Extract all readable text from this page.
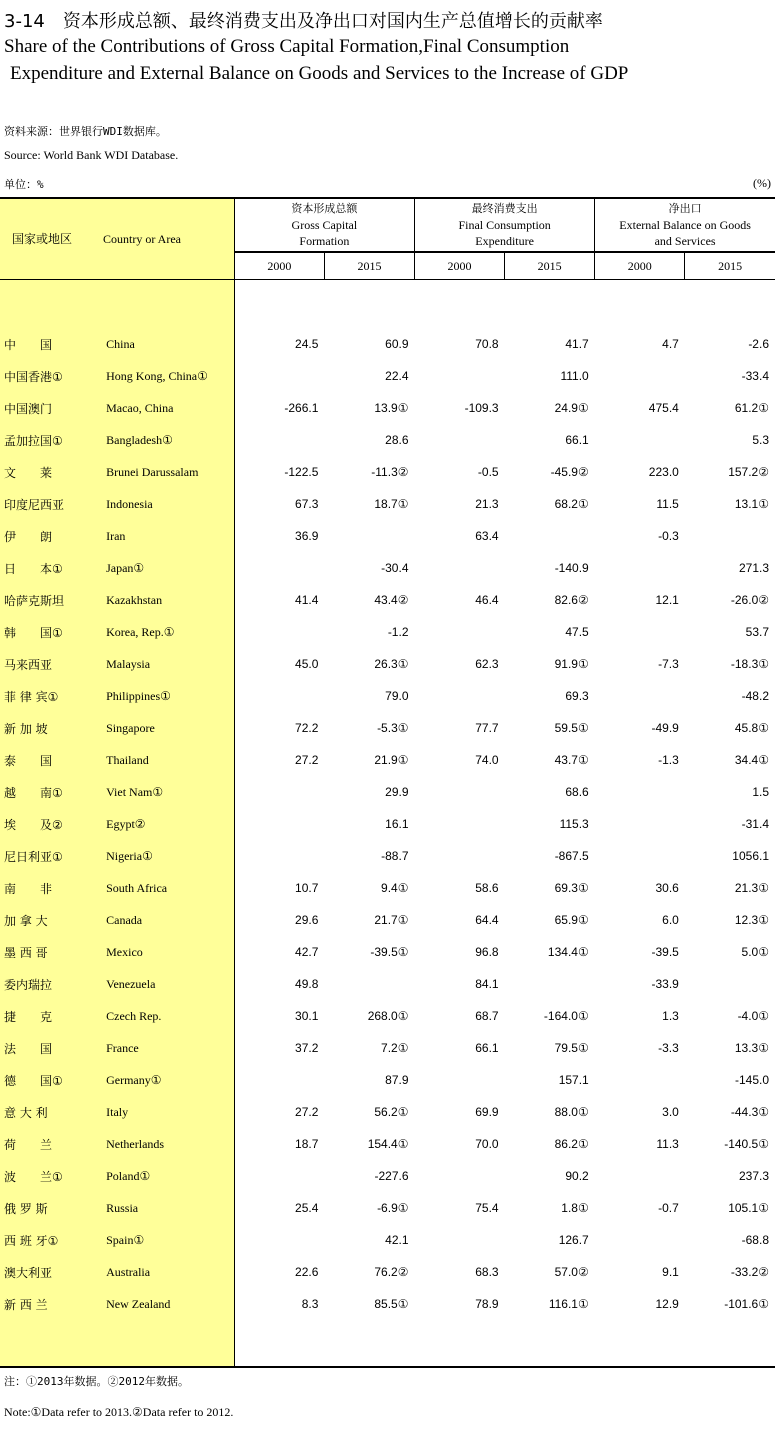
3-14　资本形成总额、最终消费支出及净出口对国内生产总值增长的贡献率
Share of the Contributions of Gross Capital Formation,Final Consumption
Expenditure and External Balance on Goods and Services to the Increase of GDP
资料来源：世界银行WDI数据库。
Source: World Bank WDI Database.
单位：%	(%)
国家或地区 Country or Area		资本形成总额
Gross Capital
Formation		最终消费支出
Final Consumption
Expenditure		净出口
External Balance on Goods
and Services	

		2000	2015	2000	2015	2000	2015

中　　国	China	24.5	60.9	70.8	41.7	4.7	-2.6
中国香港①	Hong Kong, China①		22.4		111.0		-33.4
中国澳门	Macao, China	-266.1	13.9①	-109.3	24.9①	475.4	61.2①
孟加拉国①	Bangladesh①		28.6		66.1		5.3
文　　莱	Brunei Darussalam	-122.5	-11.3②	-0.5	-45.9②	223.0	157.2②
印度尼西亚	Indonesia	67.3	18.7①	21.3	68.2①	11.5	13.1①
伊　　朗	Iran	36.9		63.4		-0.3	
日　　本①	Japan①		-30.4		-140.9		271.3
哈萨克斯坦	Kazakhstan	41.4	43.4②	46.4	82.6②	12.1	-26.0②
韩　　国①	Korea, Rep.①		-1.2		47.5		53.7
马来西亚	Malaysia	45.0	26.3①	62.3	91.9①	-7.3	-18.3①
菲 律 宾①	Philippines①		79.0		69.3		-48.2
新 加 坡	Singapore	72.2	-5.3①	77.7	59.5①	-49.9	45.8①
泰　　国	Thailand	27.2	21.9①	74.0	43.7①	-1.3	34.4①
越　　南①	Viet Nam①		29.9		68.6		1.5
埃　　及②	Egypt②		16.1		115.3		-31.4
尼日利亚①	Nigeria①		-88.7		-867.5		1056.1
南　　非	South Africa	10.7	9.4①	58.6	69.3①	30.6	21.3①
加 拿 大	Canada	29.6	21.7①	64.4	65.9①	6.0	12.3①
墨 西 哥	Mexico	42.7	-39.5①	96.8	134.4①	-39.5	5.0①
委内瑞拉	Venezuela	49.8		84.1		-33.9	
捷　　克	Czech Rep.	30.1	268.0①	68.7	-164.0①	1.3	-4.0①
法　　国	France	37.2	7.2①	66.1	79.5①	-3.3	13.3①
德　　国①	Germany①		87.9		157.1		-145.0
意 大 利	Italy	27.2	56.2①	69.9	88.0①	3.0	-44.3①
荷　　兰	Netherlands	18.7	154.4①	70.0	86.2①	11.3	-140.5①
波　　兰①	Poland①		-227.6		90.2		237.3
俄 罗 斯	Russia	25.4	-6.9①	75.4	1.8①	-0.7	105.1①
西 班 牙①	Spain①		42.1		126.7		-68.8
澳大利亚	Australia	22.6	76.2②	68.3	57.0②	9.1	-33.2②
新 西 兰	New Zealand	8.3	85.5①	78.9	116.1①	12.9	-101.6①

注：①2013年数据。②2012年数据。
Note:①Data refer to 2013.②Data refer to 2012.
